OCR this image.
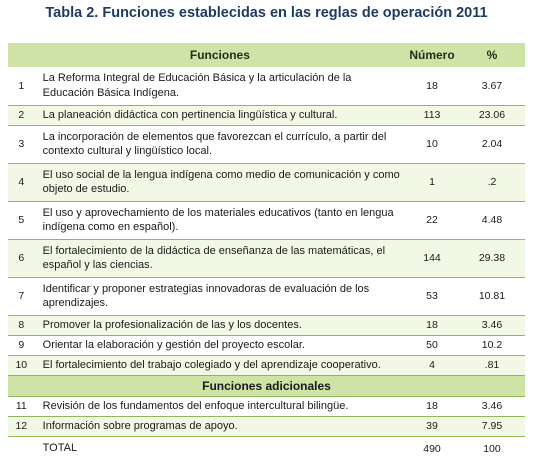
Tabla 2. Funciones establecidas en las reglas de operación 2011
	Funciones	Número	%
1	La Reforma Integral de Educación Básica y la articulación de la Educación Básica Indígena.	18	3.67
2	La planeación didáctica con pertinencia lingüística y cultural.	113	23.06
3	La incorporación de elementos que favorezcan el currículo, a partir del contexto cultural y lingüístico local.	10	2.04
4	El uso social de la lengua indígena como medio de comunicación y como objeto de estudio.	1	.2
5	El uso y aprovechamiento de los materiales educativos (tanto en lengua indígena como en español).	22	4.48
6	El fortalecimiento de la didáctica de enseñanza de las matemáticas, el español y las ciencias.	144	29.38
7	Identificar y proponer estrategias innovadoras de evaluación de los aprendizajes.	53	10.81
8	Promover la profesionalización de las y los docentes.	18	3.46
9	Orientar la elaboración y gestión del proyecto escolar.	50	10.2
10	El fortalecimiento del trabajo colegiado y del aprendizaje cooperativo.	4	.81
Funciones adicionales			
11	Revisión de los fundamentos del enfoque intercultural bilingüe.	18	3.46
12	Información sobre programas de apoyo.	39	7.95
	TOTAL	490	100
